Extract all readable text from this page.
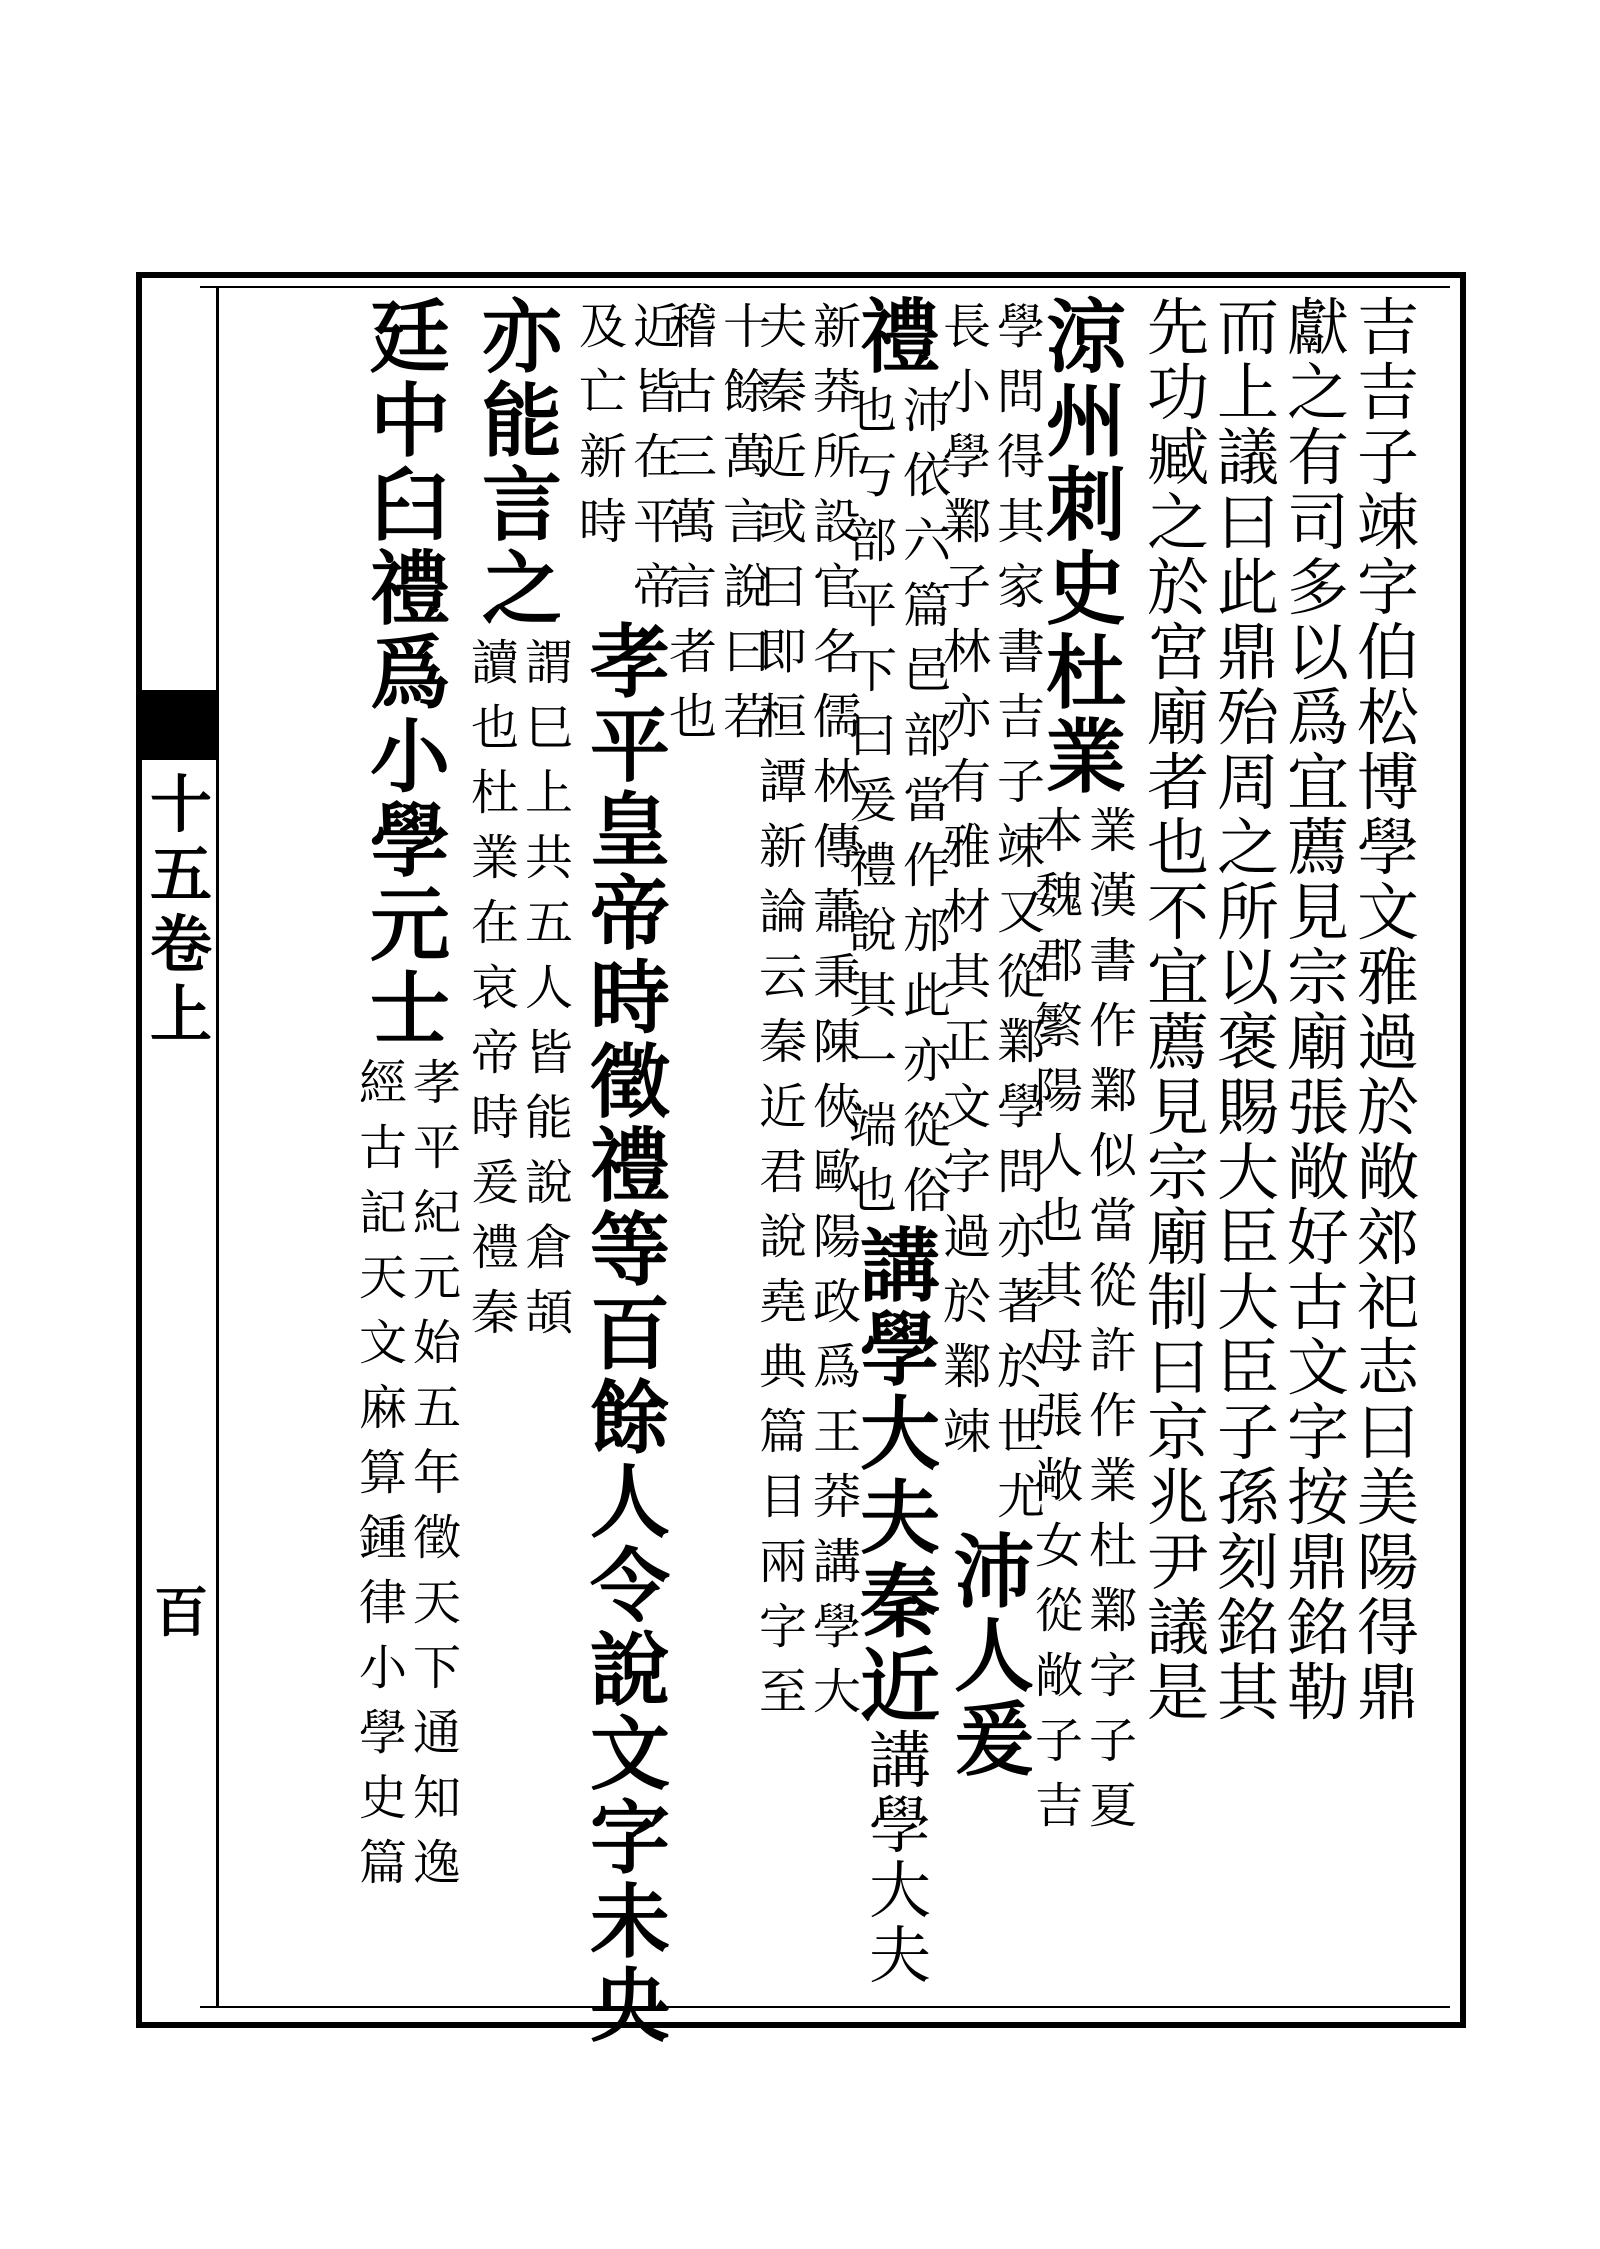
十
五
卷
上
百
吉
吉
子
竦
字
伯
松
博
學
文
雅
過
於
敞
郊
祀
志
曰
美
陽
得
鼎
獻
之
有
司
多
以
爲
宜
薦
見
宗
廟
張
敞
好
古
文
字
按
鼎
銘
勒
而
上
議
曰
此
鼎
殆
周
之
所
以
褒
賜
大
臣
大
臣
子
孫
刻
銘
其
先
功
臧
之
於
宮
廟
者
也
不
宜
薦
見
宗
廟
制
曰
京
兆
尹
議
是
涼
州
刺
史
杜
業
本
魏
郡
繁
陽
人
也
其
母
張
敞
女
從
敞
子
吉
業
漢
書
作
鄴
似
當
從
許
作
業
杜
鄴
字
子
夏
長
小
學
鄴
子
林
亦
有
雅
材
其
正
文
字
過
於
鄴
竦
學
問
得
其
家
書
吉
子
竦
又
從
鄴
學
問
亦
著
於
世
尤
沛
人
爰
禮
也
丂
部
平
下
曰
爰
禮
說
其
一
端
也
沛
依
六
篇
邑
部
當
作
邡
此
亦
從
俗
講
學
大
夫
秦
近
講
學
大
夫
夫
秦
近
或
曰
即
桓
譚
新
論
云
秦
近
君
說
堯
典
篇
目
兩
字
至
新
莽
所
設
官
名
儒
林
傳
蕭
秉
陳
俠
歐
陽
政
爲
王
莽
講
學
大
稽
古
三
萬
言
者
也
十
餘
萬
言
說
曰
若
及
亡
新
時
近
皆
在
平
帝
孝
平
皇
帝
時
徵
禮
等
百
餘
人
令
說
文
字
未
央
亦
能
言
之
讀
也
杜
業
在
哀
帝
時
爰
禮
秦
謂
巳
上
共
五
人
皆
能
說
倉
頡
廷
中
臼
禮
爲
小
學
元
士
經
古
記
天
文
麻
算
鍾
律
小
學
史
篇
孝
平
紀
元
始
五
年
徵
天
下
通
知
逸
